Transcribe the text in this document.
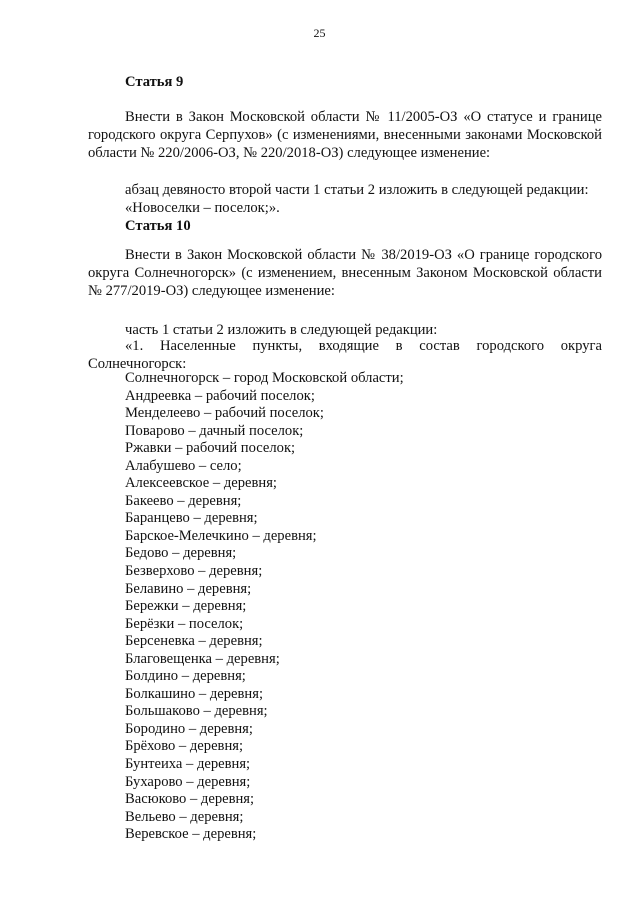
25
Статья 9
Внести в Закон Московской области № 11/2005-ОЗ «О статусе и границе городского округа Серпухов» (с изменениями, внесенными законами Московской области № 220/2006-ОЗ, № 220/2018-ОЗ) следующее изменение:
абзац девяносто второй части 1 статьи 2 изложить в следующей редакции:
«Новоселки – поселок;».
Статья 10
Внести в Закон Московской области № 38/2019-ОЗ «О границе городского округа Солнечногорск» (с изменением, внесенным Законом Московской области № 277/2019-ОЗ) следующее изменение:
часть 1 статьи 2 изложить в следующей редакции:
«1. Населенные пункты, входящие в состав городского округа Солнечногорск:
Солнечногорск – город Московской области;
Андреевка – рабочий поселок;
Менделеево – рабочий поселок;
Поварово – дачный поселок;
Ржавки – рабочий поселок;
Алабушево – село;
Алексеевское – деревня;
Бакеево – деревня;
Баранцево – деревня;
Барское-Мелечкино – деревня;
Бедово – деревня;
Безверхово – деревня;
Белавино – деревня;
Бережки – деревня;
Берёзки – поселок;
Берсеневка – деревня;
Благовещенка – деревня;
Болдино – деревня;
Болкашино – деревня;
Большаково – деревня;
Бородино – деревня;
Брёхово – деревня;
Бунтеиха – деревня;
Бухарово – деревня;
Васюково – деревня;
Вельево – деревня;
Веревское – деревня;
